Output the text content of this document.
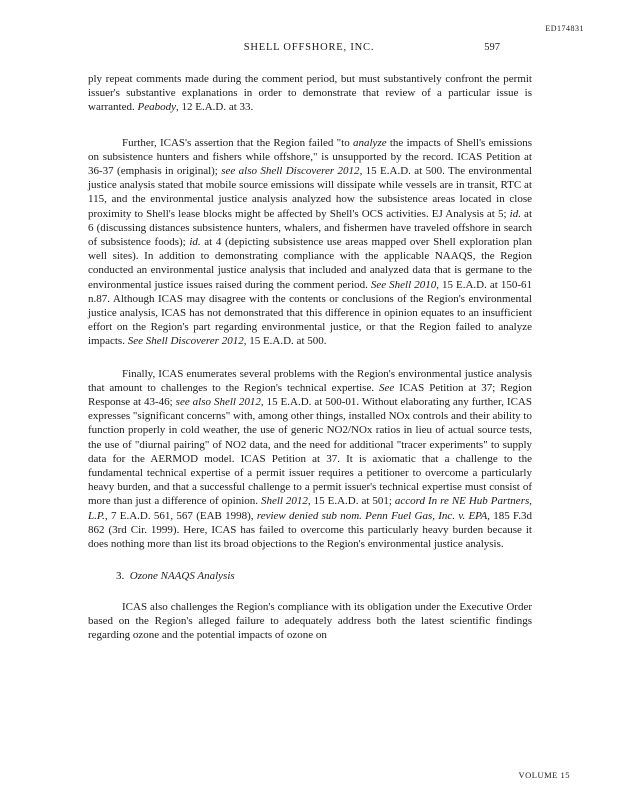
ED174831
SHELL OFFSHORE, INC.	597

ply repeat comments made during the comment period, but must substantively confront the permit issuer's substantive explanations in order to demonstrate that review of a particular issue is warranted. Peabody, 12 E.A.D. at 33.

Further, ICAS's assertion that the Region failed "to analyze the impacts of Shell's emissions on subsistence hunters and fishers while offshore," is unsupported by the record. ICAS Petition at 36-37 (emphasis in original); see also Shell Discoverer 2012, 15 E.A.D. at 500. The environmental justice analysis stated that mobile source emissions will dissipate while vessels are in transit, RTC at 115, and the environmental justice analysis analyzed how the subsistence areas located in close proximity to Shell's lease blocks might be affected by Shell's OCS activities. EJ Analysis at 5; id. at 6 (discussing distances subsistence hunters, whalers, and fishermen have traveled offshore in search of subsistence foods); id. at 4 (depicting subsistence use areas mapped over Shell exploration plan well sites). In addition to demonstrating compliance with the applicable NAAQS, the Region conducted an environmental justice analysis that included and analyzed data that is germane to the environmental justice issues raised during the comment period. See Shell 2010, 15 E.A.D. at 150-61 n.87. Although ICAS may disagree with the contents or conclusions of the Region's environmental justice analysis, ICAS has not demonstrated that this difference in opinion equates to an insufficient effort on the Region's part regarding environmental justice, or that the Region failed to analyze impacts. See Shell Discoverer 2012, 15 E.A.D. at 500.

Finally, ICAS enumerates several problems with the Region's environmental justice analysis that amount to challenges to the Region's technical expertise. See ICAS Petition at 37; Region Response at 43-46; see also Shell 2012, 15 E.A.D. at 500-01. Without elaborating any further, ICAS expresses "significant concerns" with, among other things, installed NOx controls and their ability to function properly in cold weather, the use of generic NO2/NOx ratios in lieu of actual source tests, the use of "diurnal pairing" of NO2 data, and the need for additional "tracer experiments" to supply data for the AERMOD model. ICAS Petition at 37. It is axiomatic that a challenge to the fundamental technical expertise of a permit issuer requires a petitioner to overcome a particularly heavy burden, and that a successful challenge to a permit issuer's technical expertise must consist of more than just a difference of opinion. Shell 2012, 15 E.A.D. at 501; accord In re NE Hub Partners, L.P., 7 E.A.D. 561, 567 (EAB 1998), review denied sub nom. Penn Fuel Gas, Inc. v. EPA, 185 F.3d 862 (3rd Cir. 1999). Here, ICAS has failed to overcome this particularly heavy burden because it does nothing more than list its broad objections to the Region's environmental justice analysis.

3. Ozone NAAQS Analysis

ICAS also challenges the Region's compliance with its obligation under the Executive Order based on the Region's alleged failure to adequately address both the latest scientific findings regarding ozone and the potential impacts of ozone on

VOLUME 15
